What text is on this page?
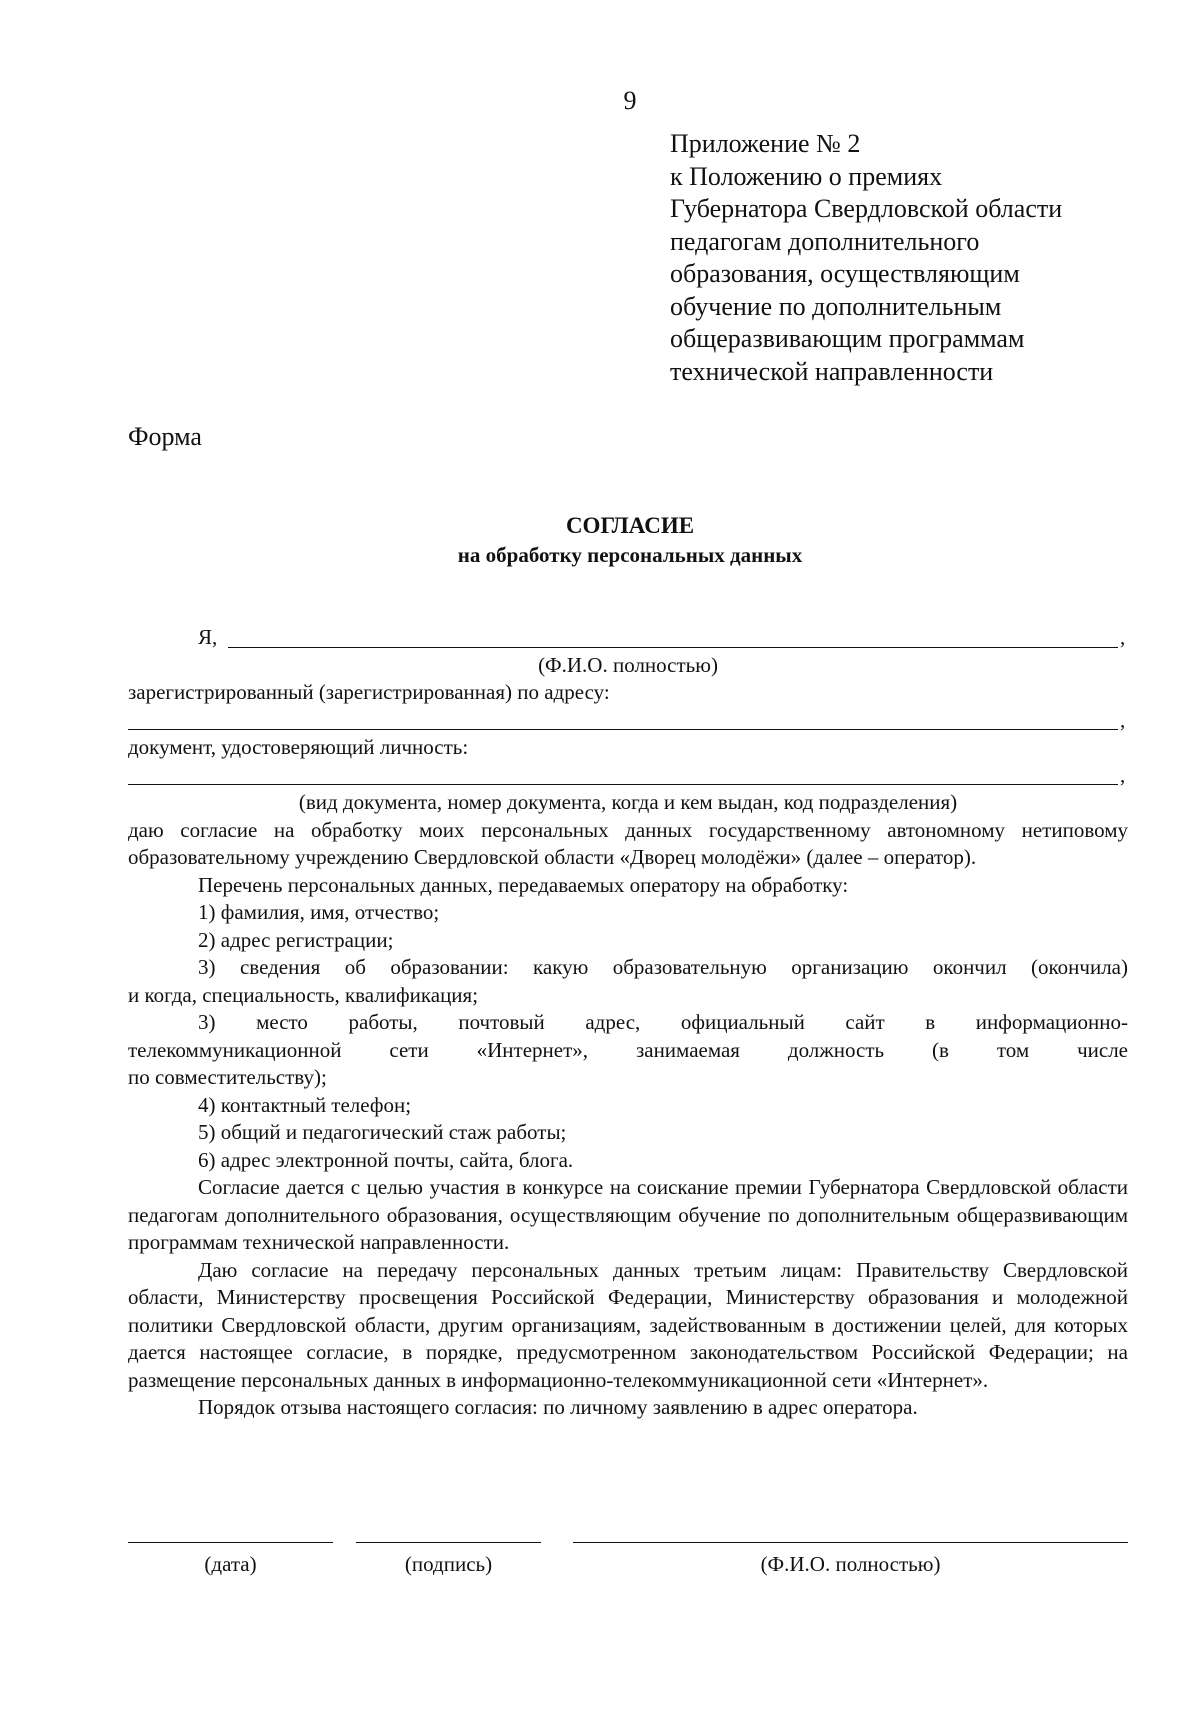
9
Приложение № 2
к Положению о премиях
Губернатора Свердловской области
педагогам дополнительного
образования, осуществляющим
обучение по дополнительным
общеразвивающим программам
технической направленности
Форма
СОГЛАСИЕ
на обработку персональных данных
Я,	,
(Ф.И.О. полностью)
зарегистрированный (зарегистрированная) по адресу:
,
документ, удостоверяющий личность:
,
(вид документа, номер документа, когда и кем выдан, код подразделения)
даю согласие на обработку моих персональных данных государственному автономному нетиповому образовательному учреждению Свердловской области «Дворец молодёжи» (далее – оператор).
Перечень персональных данных, передаваемых оператору на обработку:
1) фамилия, имя, отчество;
2) адрес регистрации;
3) сведения об образовании: какую образовательную организацию окончил (окончила)
и когда, специальность, квалификация;
3) место работы, почтовый адрес, официальный сайт в информационно-
телекоммуникационной сети «Интернет», занимаемая должность (в том числе
по совместительству);
4) контактный телефон;
5) общий и педагогический стаж работы;
6) адрес электронной почты, сайта, блога.
Согласие дается с целью участия в конкурсе на соискание премии Губернатора Свердловской области педагогам дополнительного образования, осуществляющим обучение по дополнительным общеразвивающим программам технической направленности.
Даю согласие на передачу персональных данных третьим лицам: Правительству Свердловской области, Министерству просвещения Российской Федерации, Министерству образования и молодежной политики Свердловской области, другим организациям, задействованным в достижении целей, для которых дается настоящее согласие, в порядке, предусмотренном законодательством Российской Федерации; на размещение персональных данных в информационно-телекоммуникационной сети «Интернет».
Порядок отзыва настоящего согласия: по личному заявлению в адрес оператора.
(дата)	(подпись)	(Ф.И.О. полностью)
